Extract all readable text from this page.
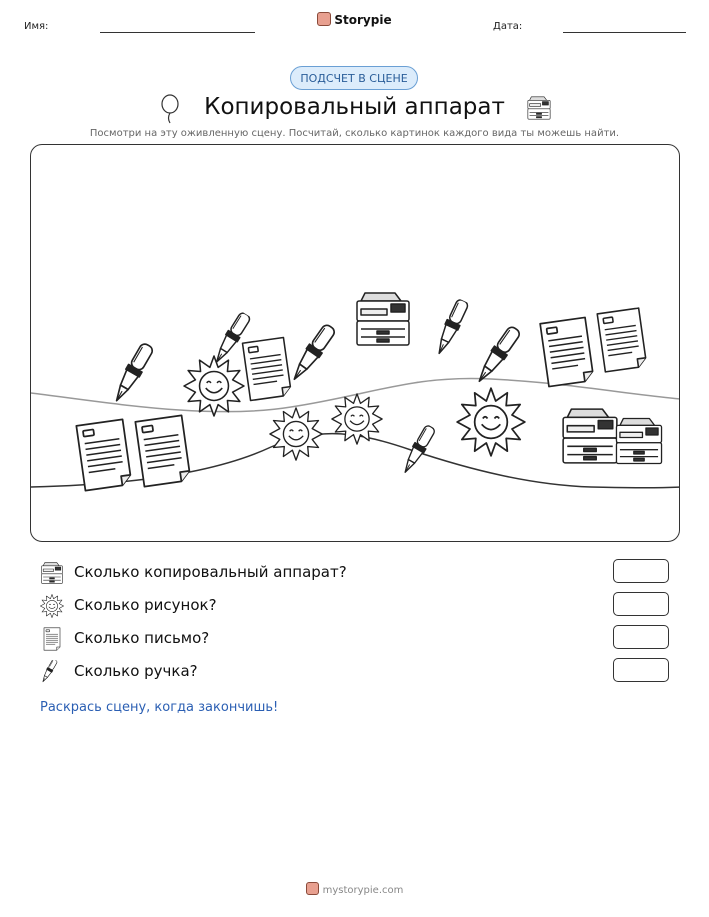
Имя:	Storypie	Дата:
ПОДСЧЕТ В СЦЕНЕ
Копировальный аппарат
Посмотри на эту оживленную сцену. Посчитай, сколько картинок каждого вида ты можешь найти.
Сколько копировальный аппарат?
Сколько рисунок?
Сколько письмо?
Сколько ручка?
Раскрась сцену, когда закончишь!
mystorypie.com
